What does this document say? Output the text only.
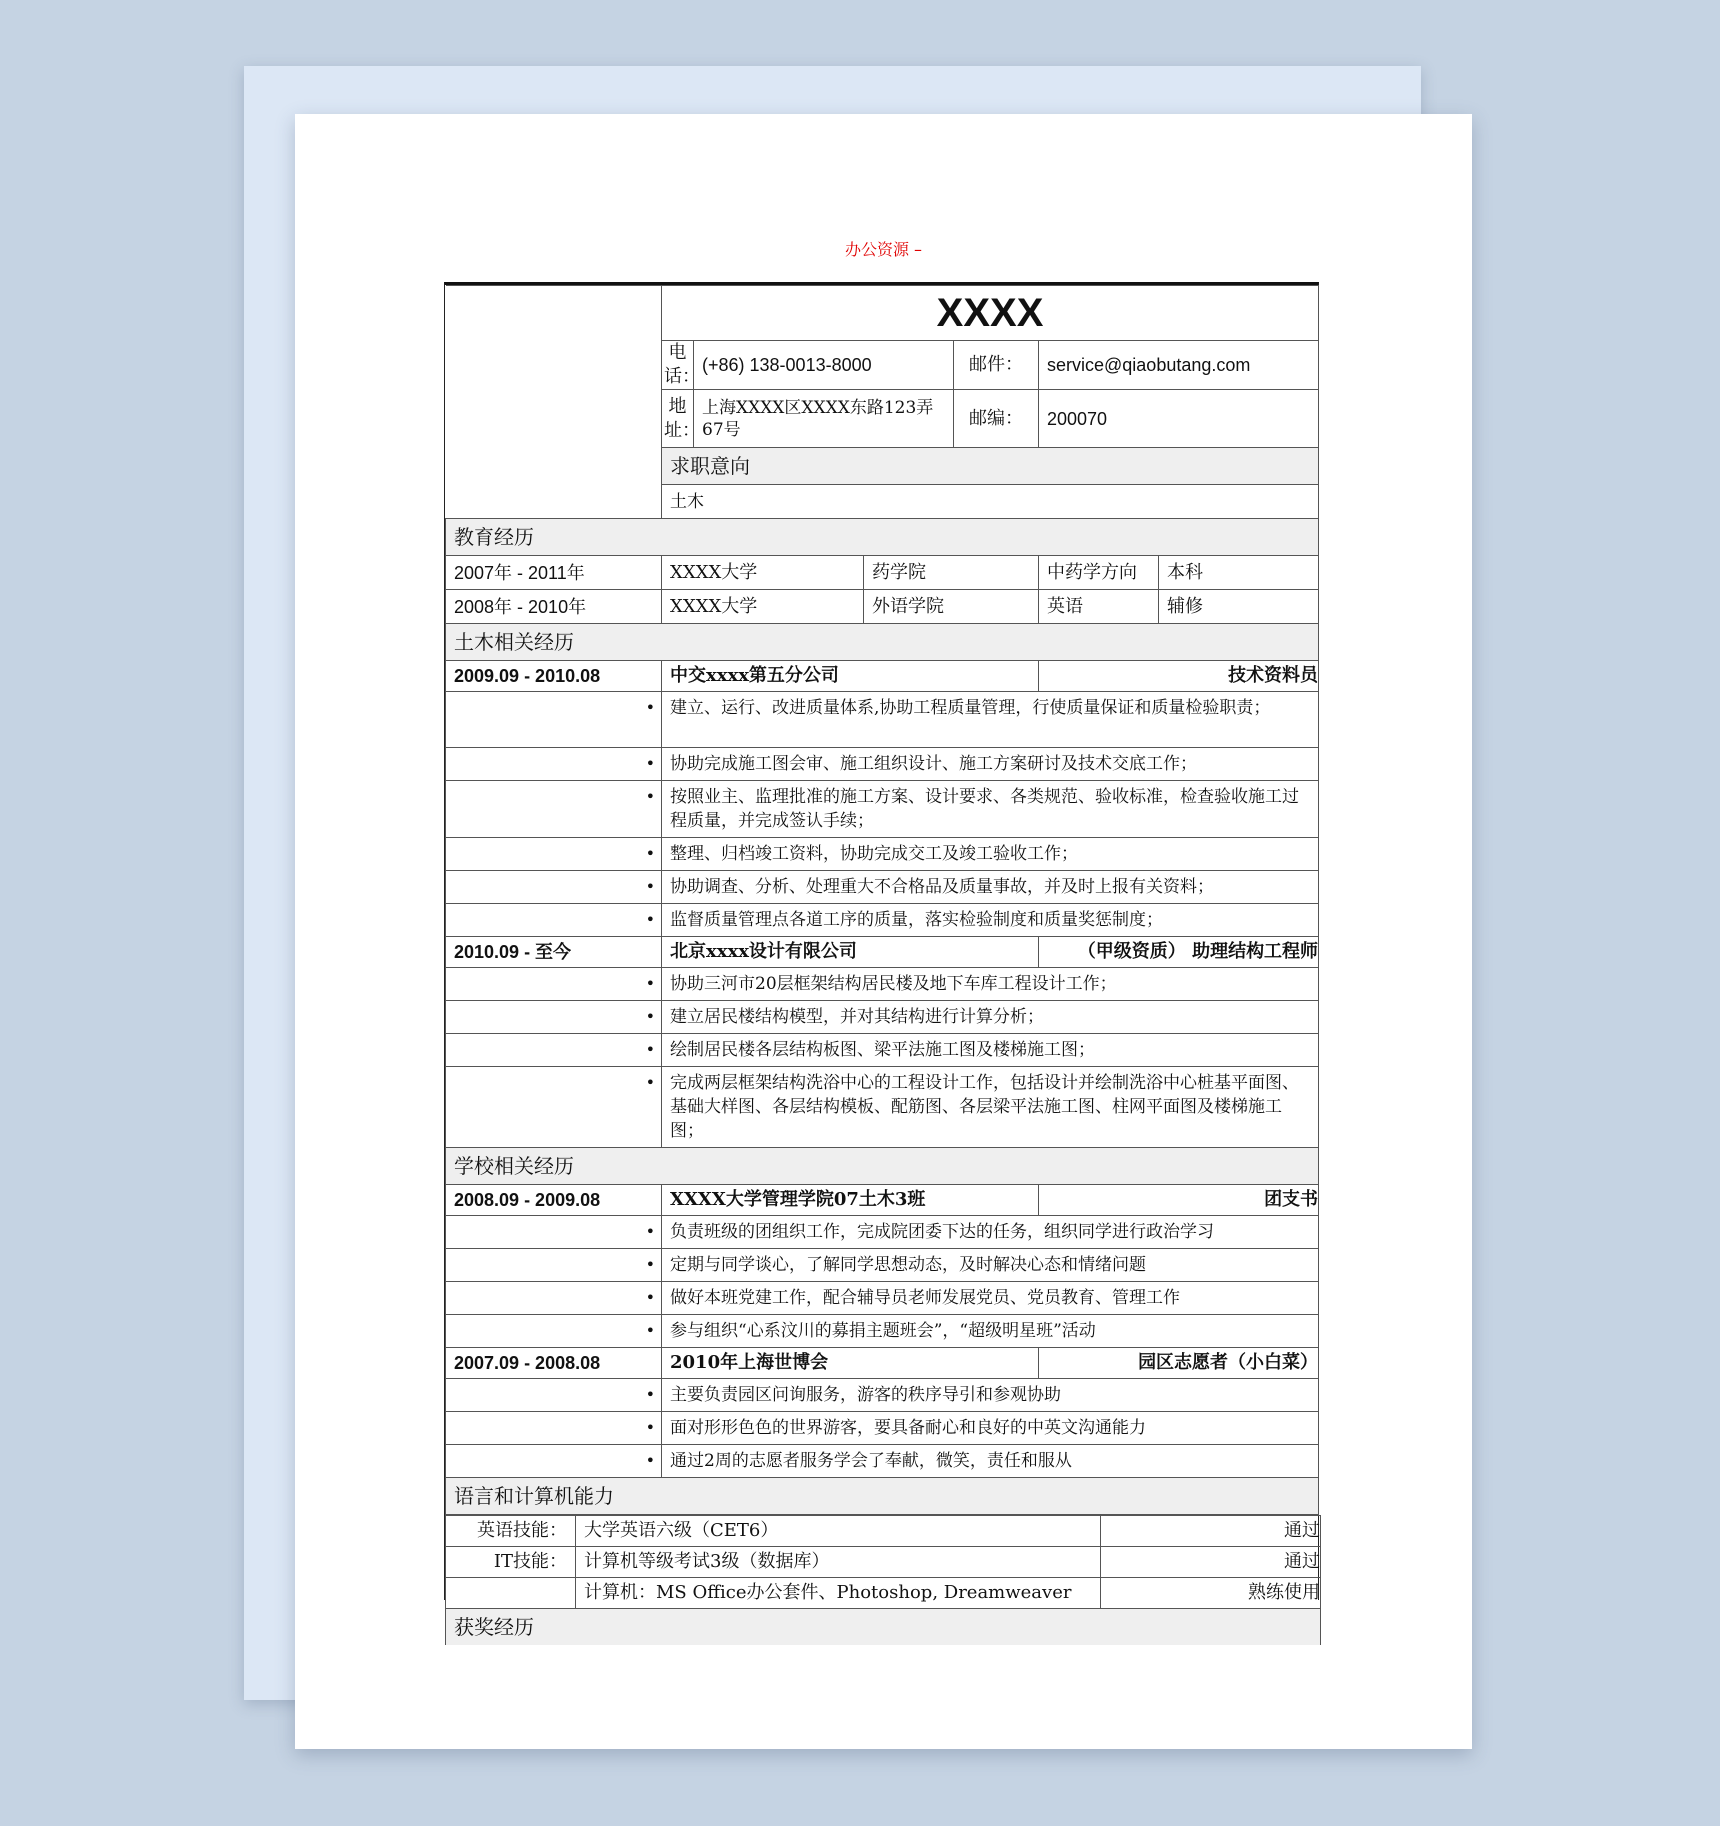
办公资源 –
	XXXX					
	电话：	(+86) 138-0013-8000		邮件：	service@qiaobutang.com	
	地址：	上海XXXX区XXXX东路123弄67号		邮编：	200070	
	求职意向					
	土木					
教育经历						
2007年 - 2011年	XXXX大学		药学院		中药学方向	本科
2008年 - 2010年	XXXX大学		外语学院		英语	辅修
土木相关经历						
2009.09 - 2010.08	中交xxxx第五分公司				技术资料员	
•	建立、运行、改进质量体系,协助工程质量管理，行使质量保证和质量检验职责；					
•	协助完成施工图会审、施工组织设计、施工方案研讨及技术交底工作；					
•	按照业主、监理批准的施工方案、设计要求、各类规范、验收标准，检查验收施工过程质量，并完成签认手续；					
•	整理、归档竣工资料，协助完成交工及竣工验收工作；					
•	协助调查、分析、处理重大不合格品及质量事故，并及时上报有关资料；					
•	监督质量管理点各道工序的质量，落实检验制度和质量奖惩制度；					
2010.09 - 至今	北京xxxx设计有限公司				（甲级资质） 助理结构工程师	
•	协助三河市20层框架结构居民楼及地下车库工程设计工作；					
•	建立居民楼结构模型，并对其结构进行计算分析；					
•	绘制居民楼各层结构板图、梁平法施工图及楼梯施工图；					
•	完成两层框架结构洗浴中心的工程设计工作，包括设计并绘制洗浴中心桩基平面图、基础大样图、各层结构模板、配筋图、各层梁平法施工图、柱网平面图及楼梯施工图；					
学校相关经历						
2008.09 - 2009.08	XXXX大学管理学院07土木3班				团支书	
•	负责班级的团组织工作，完成院团委下达的任务，组织同学进行政治学习					
•	定期与同学谈心，了解同学思想动态，及时解决心态和情绪问题					
•	做好本班党建工作，配合辅导员老师发展党员、党员教育、管理工作					
•	参与组织“心系汶川的募捐主题班会”，“超级明星班”活动					
2007.09 - 2008.08	2010年上海世博会				园区志愿者（小白菜）	
•	主要负责园区问询服务，游客的秩序导引和参观协助					
•	面对形形色色的世界游客，要具备耐心和良好的中英文沟通能力					
•	通过2周的志愿者服务学会了奉献，微笑，责任和服从					
语言和计算机能力						
英语技能：	大学英语六级（CET6）	通过
IT技能：	计算机等级考试3级（数据库）	通过
	计算机：MS Office办公套件、Photoshop, Dreamweaver	熟练使用
获奖经历		
